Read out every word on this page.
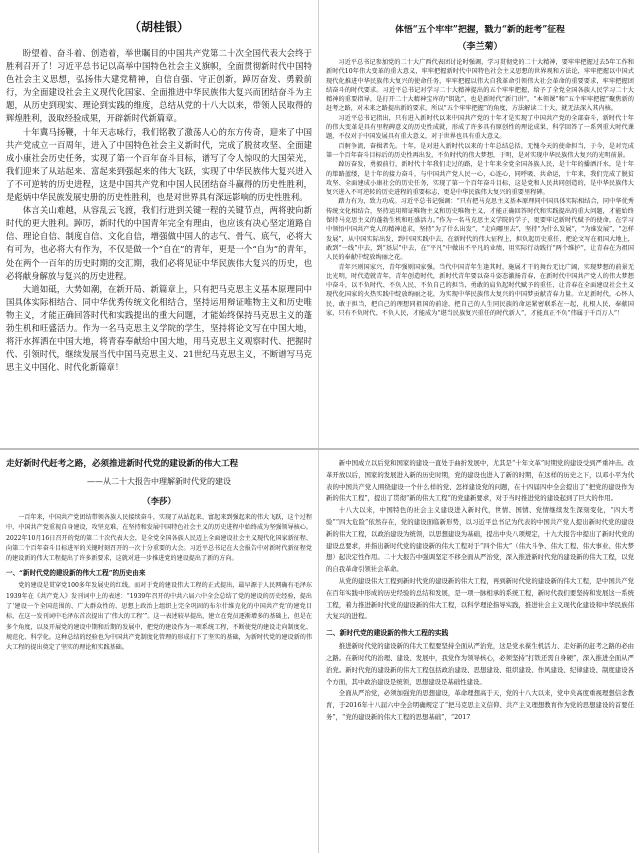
（胡桂银）

盼望着、奋斗着、创造着，举世瞩目的中国共产党第二十次全国代表大会终于胜利召开了！习近平总书记以高举中国特色社会主义旗帜，全面贯彻新时代中国特色社会主义思想，弘扬伟大建党精神，自信自强、守正创新，踔厉奋发、勇毅前行，为全面建设社会主义现代化国家、全面推进中华民族伟大复兴而团结奋斗为主题，从历史到现实、理论到实践的维度，总结从党的十八大以来，带领人民取得的辉煌胜利，汲取经验成果，开辟新时代新篇章。

十年冀马扬鞭，十年天志咏行，我们铭教了激荡人心的东方传奇，迎来了中国共产党成立一百周年，进入了中国特色社会主义新时代，完成了脱贫攻坚、全面建成小康社会历史任务，实现了第一个百年奋斗目标，谱写了令人惊叹的大国荣光，我们迎来了从站起来、富起来到强起来的伟大飞跃，实现了中华民族伟大复兴进入了不可逆转的历史进程，这是中国共产党和中国人民团结奋斗赢得的历史性胜利，是彪炳中华民族发展史册的历史性胜利，也是对世界具有深远影响的历史性胜利。

体言关山难越，从容乱云飞渡，我们行进到关键一程的关键节点，两将驶向新时代的更大胜利。踔厉，新时代的中国青年完全有理由，也应该有决心坚定道路自信、理论自信、制度自信、文化自信，增强做中国人的志气、骨气、底气，必将大有可为，也必将大有作为，不仅是做一个“自在”的青年，更是一个“自为”的青年，处在两个一百年的历史时期的交汇期，我们必将见证中华民族伟大复兴的历史，也必将献身解放与复兴的历史进程。

大道如砥，大势如潮，在新开局、新篇章上，只有把马克思主义基本原理同中国具体实际相结合、同中华优秀传统文化相结合，坚持运用辩证唯物主义和历史唯物主义，才能正确回答时代和实践提出的重大问题，才能始终保持马克思主义的蓬勃生机和旺盛活力。作为一名马克思主义学院的学生，坚持将论文写在中国大地，将汗水挥洒在中国大地，将青春奉献给中国大地，用马克思主义观察时代、把握时代、引领时代，继续发展当代中国马克思主义、21世纪马克思主义，不断谱写马克思主义中国化、时代化新篇章！

体悟“五个牢牢”把握，戮力“新的赶考”征程
（李兰菊）

习近平总书记参加党的二十大广西代表团讨论时强调，学习贯彻党的二十大精神，要牢牢把握过去5年工作和新时代10年伟大变革的重大意义，牢牢把握新时代中国特色社会主义思想的世界观和方法论，牢牢把握以中国式现代化推进中华民族伟大复兴的使命任务，牢牢把握以伟大自我革命引领伟大社会革命的重要要求，牢牢把握团结奋斗的时代要求。习近平总书记对学习二十大精神提出的五个牢牢把握，给予了全党全国各族人民学习二十大精神的重要指导，是打开二十大精神宝库的“钥匙”，也是新时代“新门讲”，“本领课”和“五个牢牢把握”聚焦新的赶考之路，对未来之路提出新的要求，所以“五个牢牢把握”的角度，方法解读二十大，就无法深入其内核。

习近平总书记指出，只有进入新时代以来中国共产党的十年才是实现了中国共产党的全部奋斗，新时代十年的伟大变革是具有里程碑意义的历史性成就，形成了许多具有原创性的理论成果，科学回答了一系列重大时代课题，不仅对于中国发展具有重大意义，对于世界也具有重大意义。

百舸争流，奋楫者先。十年，是对进入新时代以来的十年总结总括，无愧今天的使命担当，于今，是对完成第一个百年奋斗目标后的历史性再出发，不负时代的伟大梦想，于明，是对实现中华民族伟大复兴的光明前景。

踔厉奋发，勇毅前行，新时代十年我们走过的路，是十年来全党全国各族人民，是十年的播洒汗水，是十年的筚路蓝缕，是十年的接力奋斗，与中国共产党人民一心，心连心，同呼吸、共命运，十年来，我们完成了脱贫攻坚、全面建成小康社会的历史任务，实现了第一个百年奋斗目标，这是党和人民共同创造的，是中华民族伟大复兴进入不可逆转的历史进程的重要标志，更是中华民族伟大复兴的重要里程碑。

踏力有为，致力功成。习近平总书记强调：“只有把马克思主义基本原理同中国具体实际相结合，同中华优秀传统文化相结合，坚持运用辩证唯物主义和历史唯物主义，才能正确回答时代和实践提出的重大问题，才能始终保持马克思主义的蓬勃生机和旺盛活力。”作为一名马克思主义学院的学子，更要牢记新时代赋予的使命，在学习中领悟中国共产党人的精神追求，坚持“为了什么出发”，“走向哪里去”，坚持“为什么发展”，“为谁发展”，“怎样发展”，从中国实际出发，到中国实践中去，在新时代的伟大征程上，担负起历史重任，把论文写在祖国大地上，敢到“一线”中去，到“基层”中去，在“平凡”中做出不平凡的业绩，用实际行动践行“两个维护”，让青春在为祖国人民的奉献中绽放绚丽之花。

青年兴则国家兴，青年强则国家强。当代中国青年生逢其时，施展才干的舞台无比广阔，实现梦想的前景无比光明，时代造就青年，青年创造时代，新时代青年要以奋斗姿态激扬青春，在新时代中国共产党人的伟大梦想中奋斗，以不负时代、不负人民、不负自己的担当，勇敢的肩负起时代赋予的重任，让青春在全面建设社会主义现代化国家的火热实践中绽放绚丽之花，为实现中华民族伟大复兴的中国梦贡献青春力量。立足新时代，心怀人民，敢于担当，把自己的理想同祖国的前途、把自己的人生同民族的命运紧密联系在一起，扎根人民，奉献国家，只有不负时代、不负人民，才能成为“堪当民族复兴重任的时代新人”，才能真正不负“伟属于千百万人”！

走好新时代赶考之路，必须推进新时代党的建设新的伟大工程
——从二十大报告中理解新时代党的建设
（李莎）

一百年来，中国共产党团结带领各族人民接续奋斗，实现了从站起来、富起来到强起来的伟大飞跃，这个过程中，中国共产党重视自身建设，攻坚克难，在坚持和发展中国特色社会主义的历史进程中始终成为坚强领导核心。2022年10月16日召开的党的第二十次代表大会，是全党全国各族人民迈上全面建设社会主义现代化国家新征程、向第二个百年奋斗目标进军的关键时刻召开的一次十分重要的大会。习近平总书记在大会报告中对新时代新征程党的建设新的伟大工程提出了许多新要求，这就对进一步推进党的建设提出了新的方向。

一、“新时代党的建设新的伟大工程”的历史由来

党的建设是贯穿党100多年发展史的红线，而对于党的建设伟大工程的正式提出，最早源于人民网确有毛泽东1939年在《共产党人》发刊词中上的表述：“1939年召开的中共六届六中全会总结了党的建设的历史经验，提出了‘建设一个全国范围的、广大群众性的、思想上政治上组织上完全巩固的布尔什维克化的中国共产党’的建党目标，在这一发刊词中毛泽东首次提出了‘伟大的工程’”。这一表述较早提出，建立在党员逐渐增多的基础上，但是在多个角度，以及开展党的建设中期和后期的发展中，把党的建设作为一项系统工程，不断使党的建设走向制度化、规范化、科学化。这种总结的经验也为中国共产党制度化管理的形成打下了坚实的基础，为新时代党的建设新的伟大工程的提出奠定了坚实的理论和实践基础。

新中国成立以后党和国家的建设一直处于曲折发展中，尤其是“十年文革”时期党的建设受到严重冲击。改革开放以后，国家的发展进入新的历史时期，党的建设也进入了新的时期，在这样的历史之下，以邓小平为代表的中国共产党人围绕建设一个什么样的党、怎样建设党的问题，在十四届四中全会提出了“把党的建设作为新的伟大工程”，提出了贯彻“新的伟大工程”的党建新要求，对于当时推进党的建设起到了巨大的作用。

十八大以来，中国特色的社会主义建设进入新时代，世情、国情、党情继续发生深刻变化，“四大考验”“四大危险”依然存在，党的建设面临新形势，以习近平总书记为代表的中国共产党人提出新时代党的建设新的伟大工程，以政治建设为统领，以思想建设为基础，提出中央八项规定，十九大报告中提出了新时代党的建设总要求，并指出新时代党的建设新的伟大工程对于“四个伟大”（伟大斗争、伟大工程、伟大事业、伟大梦想）起决定性作用。二十大报告中强调坚定不移全面从严治党，深入推进新时代党的建设新的伟大工程，以党的自我革命引领社会革命。

从党的建设伟大工程到新时代党的建设新的伟大工程，再到新时代党的建设新的伟大工程，是中国共产党在百年实践中形成的历史经验的总结和发展，是一项一脉相承的系统工程，新时代我们要坚持和发展这一系统工程，着力推进新时代党的建设新的伟大工程，以科学理论指导实践，推进社会主义现代化建设和中华民族伟大复兴的进程。

二、新时代党的建设新的伟大工程的实践

推进新时代党的建设新的伟大工程要坚持全面从严治党，这是党永葆生机活力、走好新的赶考之路的必由之路。在新时代的治理、建设、发展中，我党作为领导核心，必须坚持“打铁还需自身硬”，深入推进全面从严治党。新时代党的建设新的伟大工程包括政治建设、思想建设、组织建设、作风建设、纪律建设、制度建设各个方面，其中政治建设是统领，思想建设是基础性建设。

全面从严治党，必须加强党的思想建设，革命理想高于天，党的十八大以来，党中央高度重视理想信念教育，于2016年十八届六中全会明确规定了“把马克思主义信仰、共产主义理想教育作为党的思想建设的首要任务”，“党的建设新的伟大工程的思想基础”，“2017
